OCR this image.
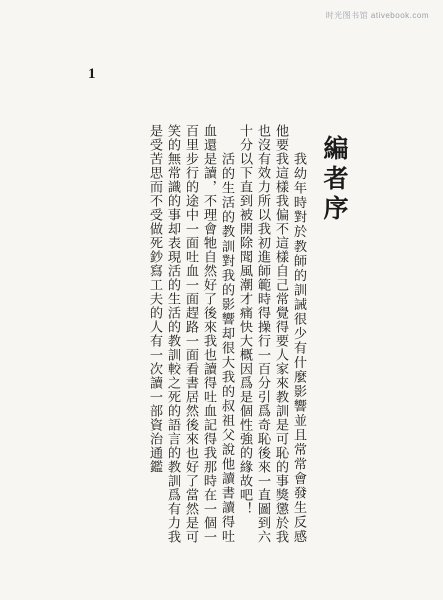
时光图书馆 ativebook.com
1
編者序

我幼年時對於教師的訓誡很少有什麼影響並且常常會發生反感他要我這樣我偏不這樣自己常覺得要人家來教訓是可恥的事獎懲於我也沒有效力所以我初進師範時得操行一百分引爲奇恥後來一直圖到六十分以下直到被開除聞風潮才痛快大概因爲是個性強的緣故吧！

活的生活的教訓對我的影響却很大我的叔祖父說他讀書讀得吐血還是讀，不理會牠自然好了後來我也讀得吐血記得我那時在一個一百里步行的途中一面吐血一面趕路一面看書居然後來也好了當然是可笑的無常識的事却表現活的生活的教訓較之死的語言的教訓爲有力我是受苦思而不受做死鈔寫工夫的人有一次讀一部資治通鑑
